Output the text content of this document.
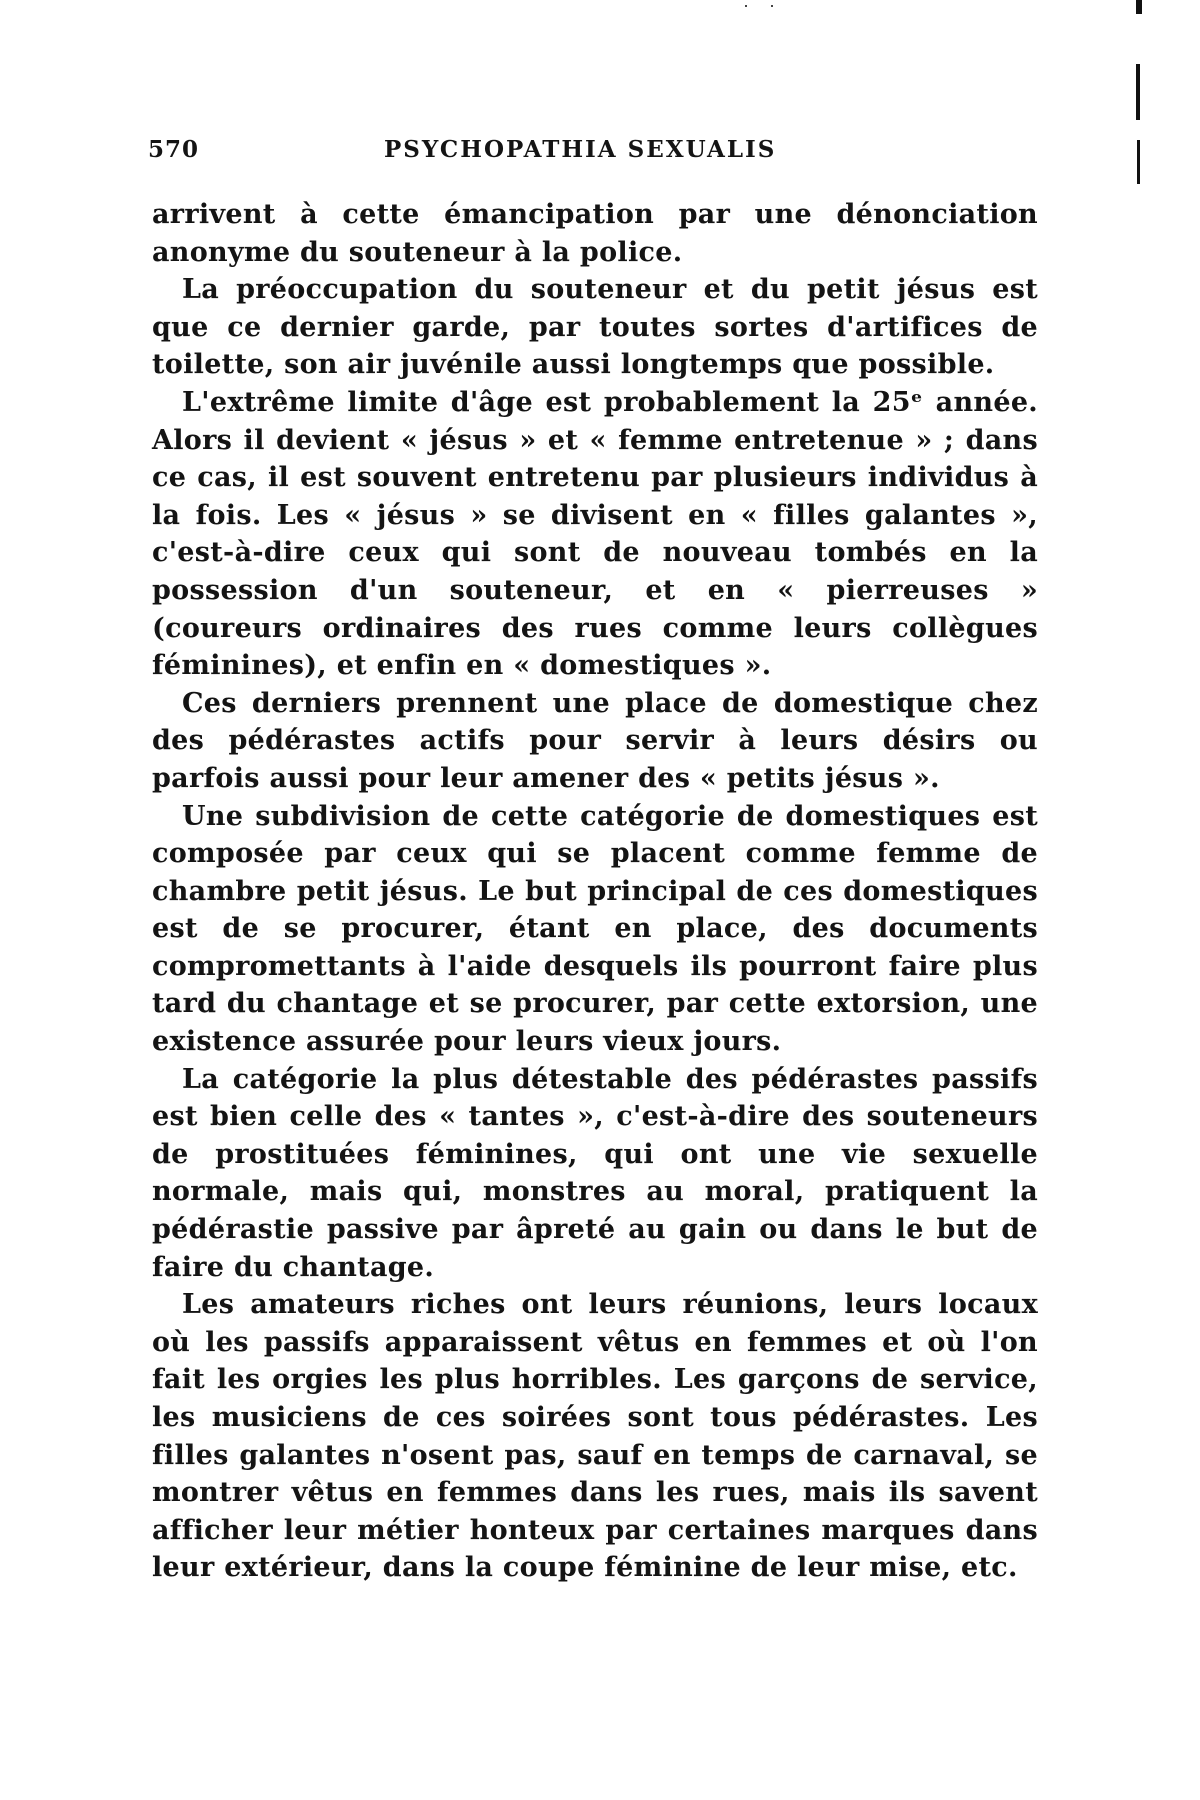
570	PSYCHOPATHIA SEXUALIS

arrivent à cette émancipation par une dénonciation anonyme du souteneur à la police.

La préoccupation du souteneur et du petit jésus est que ce dernier garde, par toutes sortes d'artifices de toilette, son air juvénile aussi longtemps que possible.

L'extrême limite d'âge est probablement la 25ᵉ année. Alors il devient « jésus » et « femme entretenue » ; dans ce cas, il est souvent entretenu par plusieurs individus à la fois. Les « jésus » se divisent en « filles galantes », c'est-à-dire ceux qui sont de nouveau tombés en la possession d'un souteneur, et en « pierreuses » (coureurs ordinaires des rues comme leurs collègues féminines), et enfin en « domestiques ».

Ces derniers prennent une place de domestique chez des pédérastes actifs pour servir à leurs désirs ou parfois aussi pour leur amener des « petits jésus ».

Une subdivision de cette catégorie de domestiques est composée par ceux qui se placent comme femme de chambre petit jésus. Le but principal de ces domestiques est de se procurer, étant en place, des documents compromettants à l'aide desquels ils pourront faire plus tard du chantage et se procurer, par cette extorsion, une existence assurée pour leurs vieux jours.

La catégorie la plus détestable des pédérastes passifs est bien celle des « tantes », c'est-à-dire des souteneurs de prostituées féminines, qui ont une vie sexuelle normale, mais qui, monstres au moral, pratiquent la pédérastie passive par âpreté au gain ou dans le but de faire du chantage.

Les amateurs riches ont leurs réunions, leurs locaux où les passifs apparaissent vêtus en femmes et où l'on fait les orgies les plus horribles. Les garçons de service, les musiciens de ces soirées sont tous pédérastes. Les filles galantes n'osent pas, sauf en temps de carnaval, se montrer vêtus en femmes dans les rues, mais ils savent afficher leur métier honteux par certaines marques dans leur extérieur, dans la coupe féminine de leur mise, etc.
